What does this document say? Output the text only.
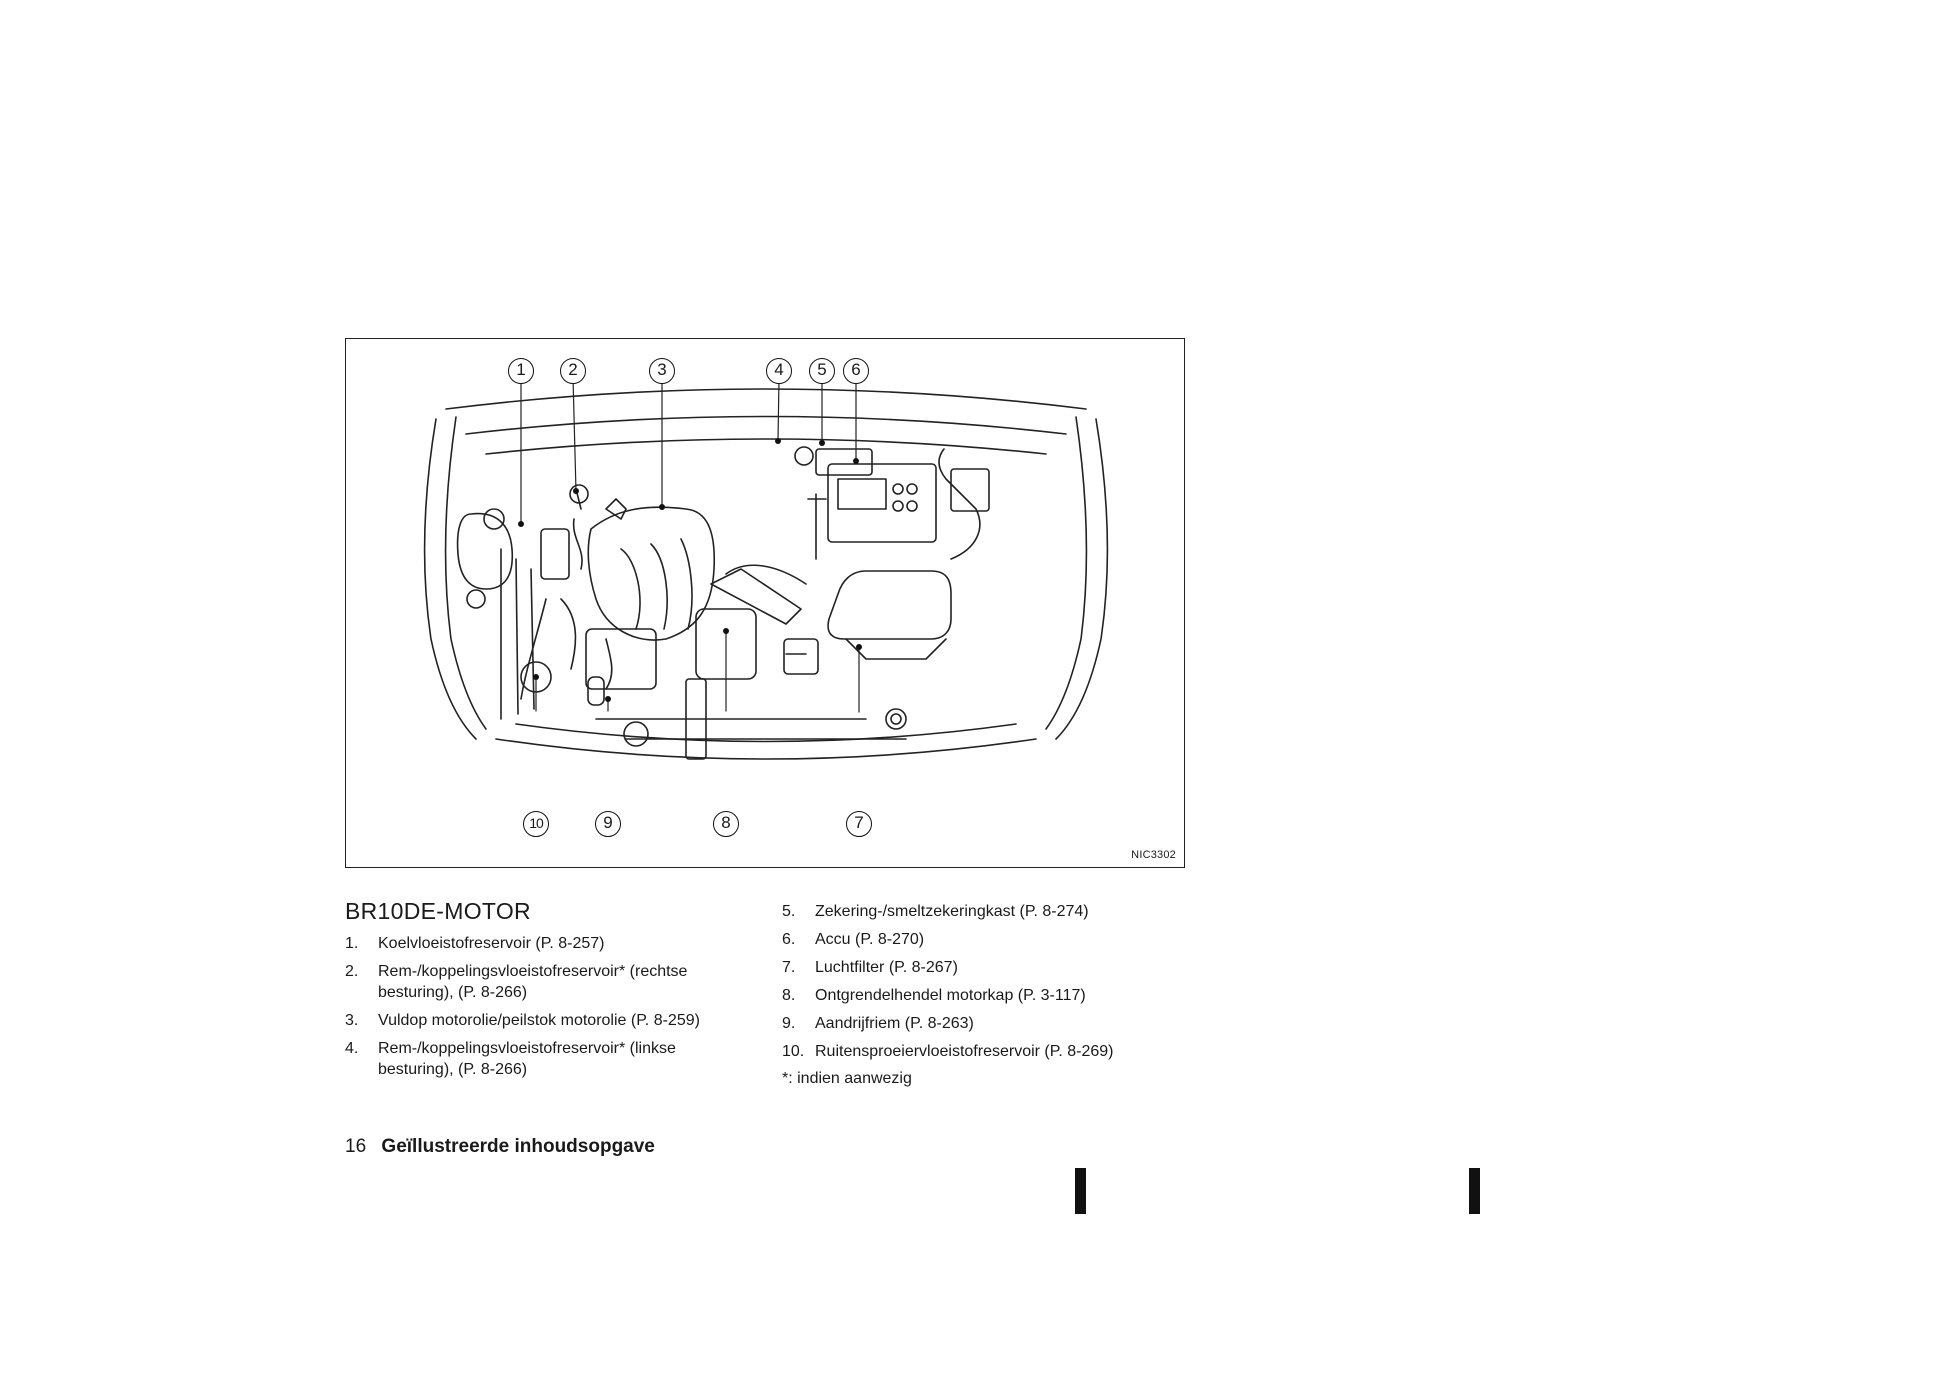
1	2	3	4	5	6
7
8
9
10
NIC3302
BR10DE-MOTOR
1. Koelvloeistofreservoir (P. 8-257)
2. Rem-/koppelingsvloeistofreservoir* (rechtse besturing), (P. 8-266)
3. Vuldop motorolie/peilstok motorolie (P. 8-259)
4. Rem-/koppelingsvloeistofreservoir* (linkse besturing), (P. 8-266)
5. Zekering-/smeltzekeringkast (P. 8-274)
6. Accu (P. 8-270)
7. Luchtfilter (P. 8-267)
8. Ontgrendelhendel motorkap (P. 3-117)
9. Aandrijfriem (P. 8-263)
10. Ruitensproeiervloeistofreservoir (P. 8-269)
*: indien aanwezig
16 Geïllustreerde inhoudsopgave
